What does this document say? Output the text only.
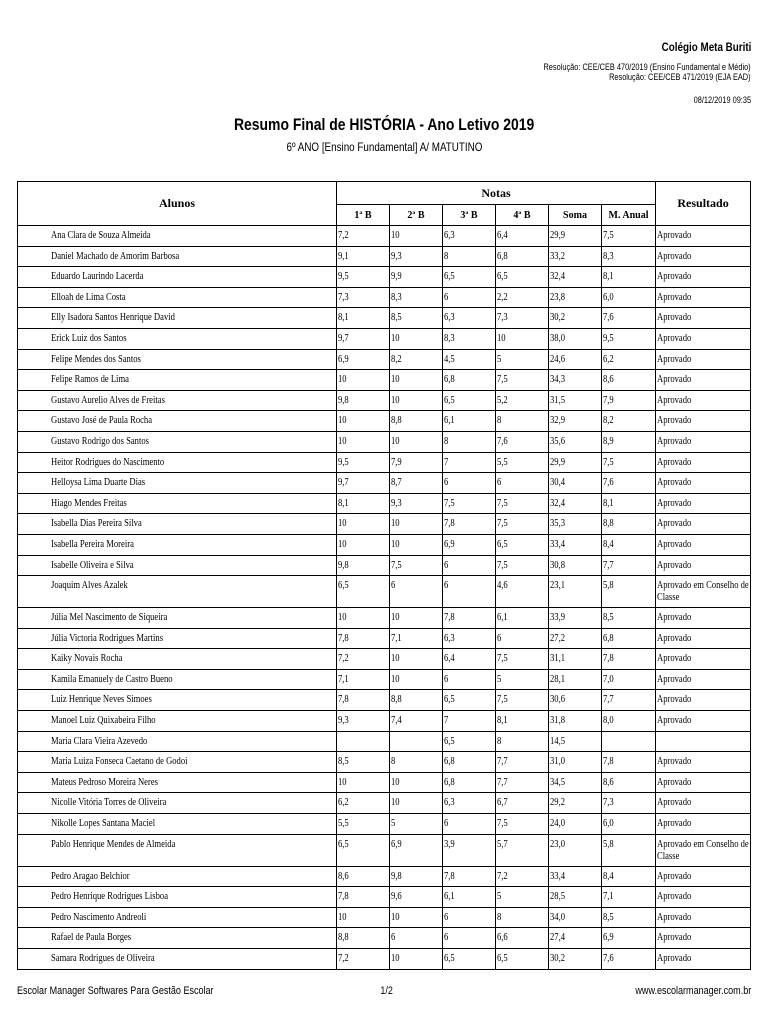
Colégio Meta Buriti
Resolução: CEE/CEB 470/2019 (Ensino Fundamental e Médio)
Resolução: CEE/CEB 471/2019 (EJA EAD)
08/12/2019 09:35
Resumo Final de HISTÓRIA - Ano Letivo 2019
6º ANO [Ensino Fundamental] A/ MATUTINO
Alunos	Notas						Resultado
	1ª B	2ª B	3ª B	4ª B	Soma	M. Anual	
Ana Clara de Souza Almeida	7,2	10	6,3	6,4	29,9	7,5	Aprovado
Daniel Machado de Amorim Barbosa	9,1	9,3	8	6,8	33,2	8,3	Aprovado
Eduardo Laurindo Lacerda	9,5	9,9	6,5	6,5	32,4	8,1	Aprovado
Elloah de Lima Costa	7,3	8,3	6	2,2	23,8	6,0	Aprovado
Elly Isadora Santos Henrique David	8,1	8,5	6,3	7,3	30,2	7,6	Aprovado
Erick Luiz dos Santos	9,7	10	8,3	10	38,0	9,5	Aprovado
Felipe Mendes dos Santos	6,9	8,2	4,5	5	24,6	6,2	Aprovado
Felipe Ramos de Lima	10	10	6,8	7,5	34,3	8,6	Aprovado
Gustavo Aurelio Alves de Freitas	9,8	10	6,5	5,2	31,5	7,9	Aprovado
Gustavo José de Paula Rocha	10	8,8	6,1	8	32,9	8,2	Aprovado
Gustavo Rodrigo dos Santos	10	10	8	7,6	35,6	8,9	Aprovado
Heitor Rodrigues do Nascimento	9,5	7,9	7	5,5	29,9	7,5	Aprovado
Helloysa Lima Duarte Dias	9,7	8,7	6	6	30,4	7,6	Aprovado
Hiago Mendes Freitas	8,1	9,3	7,5	7,5	32,4	8,1	Aprovado
Isabella Dias Pereira Silva	10	10	7,8	7,5	35,3	8,8	Aprovado
Isabella Pereira Moreira	10	10	6,9	6,5	33,4	8,4	Aprovado
Isabelle Oliveira e Silva	9,8	7,5	6	7,5	30,8	7,7	Aprovado
Joaquim Alves Azalek	6,5	6	6	4,6	23,1	5,8	Aprovado em Conselho de Classe
Júlia Mel Nascimento de Siqueira	10	10	7,8	6,1	33,9	8,5	Aprovado
Júlia Victoria Rodrigues Martins	7,8	7,1	6,3	6	27,2	6,8	Aprovado
Kaiky Novais Rocha	7,2	10	6,4	7,5	31,1	7,8	Aprovado
Kamila Emanuely de Castro Bueno	7,1	10	6	5	28,1	7,0	Aprovado
Luiz Henrique Neves Simoes	7,8	8,8	6,5	7,5	30,6	7,7	Aprovado
Manoel Luiz Quixabeira Filho	9,3	7,4	7	8,1	31,8	8,0	Aprovado
Maria Clara Vieira Azevedo			6,5	8	14,5		
Maria Luiza Fonseca Caetano de Godoi	8,5	8	6,8	7,7	31,0	7,8	Aprovado
Mateus Pedroso Moreira Neres	10	10	6,8	7,7	34,5	8,6	Aprovado
Nicolle Vitória Torres de Oliveira	6,2	10	6,3	6,7	29,2	7,3	Aprovado
Nikolle Lopes Santana Maciel	5,5	5	6	7,5	24,0	6,0	Aprovado
Pablo Henrique Mendes de Almeida	6,5	6,9	3,9	5,7	23,0	5,8	Aprovado em Conselho de Classe
Pedro Aragao Belchior	8,6	9,8	7,8	7,2	33,4	8,4	Aprovado
Pedro Henrique Rodrigues Lisboa	7,8	9,6	6,1	5	28,5	7,1	Aprovado
Pedro Nascimento Andreoli	10	10	6	8	34,0	8,5	Aprovado
Rafael de Paula Borges	8,8	6	6	6,6	27,4	6,9	Aprovado
Samara Rodrigues de Oliveira	7,2	10	6,5	6,5	30,2	7,6	Aprovado
Escolar Manager Softwares Para Gestão Escolar	1/2	www.escolarmanager.com.br
